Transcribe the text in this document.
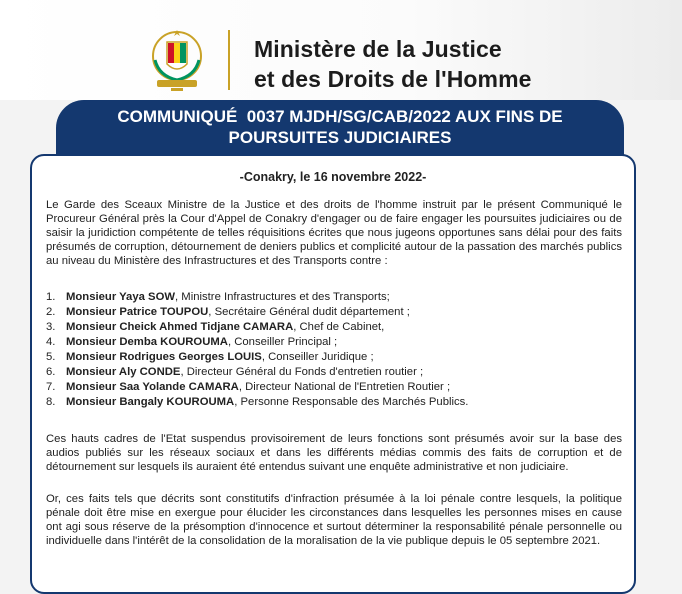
Ministère de la Justice
et des Droits de l'Homme
COMMUNIQUÉ  0037 MJDH/SG/CAB/2022 AUX FINS DE
POURSUITES JUDICIAIRES
-Conakry, le 16 novembre 2022-
Le Garde des Sceaux Ministre de la Justice et des droits de l'homme instruit par le présent Communiqué le Procureur Général près la Cour d'Appel de Conakry d'engager ou de faire engager les poursuites judiciaires ou de saisir la juridiction compétente de telles réquisitions écrites que nous jugeons opportunes sans délai pour des faits présumés de corruption, détournement de deniers publics et complicité autour de la passation des marchés publics au niveau du Ministère des Infrastructures et des Transports contre :
1. Monsieur Yaya SOW, Ministre Infrastructures et des Transports;
2. Monsieur Patrice TOUPOU, Secrétaire Général dudit département ;
3. Monsieur Cheick Ahmed Tidjane CAMARA, Chef de Cabinet,
4. Monsieur Demba KOUROUMA, Conseiller Principal ;
5. Monsieur Rodrigues Georges LOUIS, Conseiller Juridique ;
6. Monsieur Aly CONDE, Directeur Général du Fonds d'entretien routier ;
7. Monsieur Saa Yolande CAMARA, Directeur National de l'Entretien Routier ;
8. Monsieur Bangaly KOUROUMA, Personne Responsable des Marchés Publics.
Ces hauts cadres de l'Etat suspendus provisoirement de leurs fonctions sont présumés avoir sur la base des audios publiés sur les réseaux sociaux et dans les différents médias commis des faits de corruption et de détournement sur lesquels ils auraient été entendus suivant une enquête administrative et non judiciaire.
Or, ces faits tels que décrits sont constitutifs d'infraction présumée à la loi pénale contre lesquels, la politique pénale doit être mise en exergue pour élucider les circonstances dans lesquelles les personnes mises en cause ont agi sous réserve de la présomption d'innocence et surtout déterminer la responsabilité pénale personnelle ou individuelle dans l'intérêt de la consolidation de la moralisation de la vie publique depuis le 05 septembre 2021.
